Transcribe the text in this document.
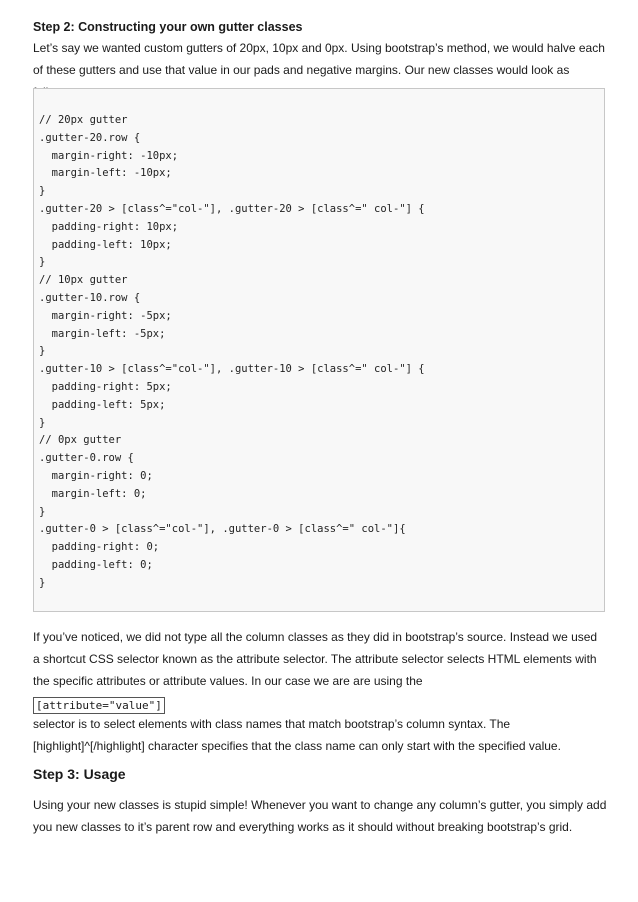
Step 2: Constructing your own gutter classes

Let’s say we wanted custom gutters of 20px, 10px and 0px. Using bootstrap’s method, we would halve each of these gutters and use that value in our pads and negative margins. Our new classes would look as

// 20px gutter
.gutter-20.row {
margin-right: -10px;
margin-left: -10px;
}
.gutter-20 > [class^="col-"], .gutter-20 > [class^=" col-"] {
padding-right: 10px;
padding-left: 10px;
}
// 10px gutter
.gutter-10.row {
margin-right: -5px;
margin-left: -5px;
}
.gutter-10 > [class^="col-"], .gutter-10 > [class^=" col-"] {
padding-right: 5px;
padding-left: 5px;
}
// 0px gutter
.gutter-0.row {
margin-right: 0;
margin-left: 0;
}
.gutter-0 > [class^="col-"], .gutter-0 > [class^=" col-"]{
padding-right: 0;
padding-left: 0;
}

If you’ve noticed, we did not type all the column classes as they did in bootstrap’s source. Instead we used a shortcut CSS selector known as the attribute selector. The attribute selector selects HTML elements with the specific attributes or attribute values. In our case we are are using the

[attribute="value"]

selector is to select elements with class names that match bootstrap’s column syntax. The [highlight]^[/highlight] character specifies that the class name can only start with the specified value.

Step 3: Usage

Using your new classes is stupid simple! Whenever you want to change any column’s gutter, you simply add you new classes to it’s parent row and everything works as it should without breaking bootstrap’s grid.
